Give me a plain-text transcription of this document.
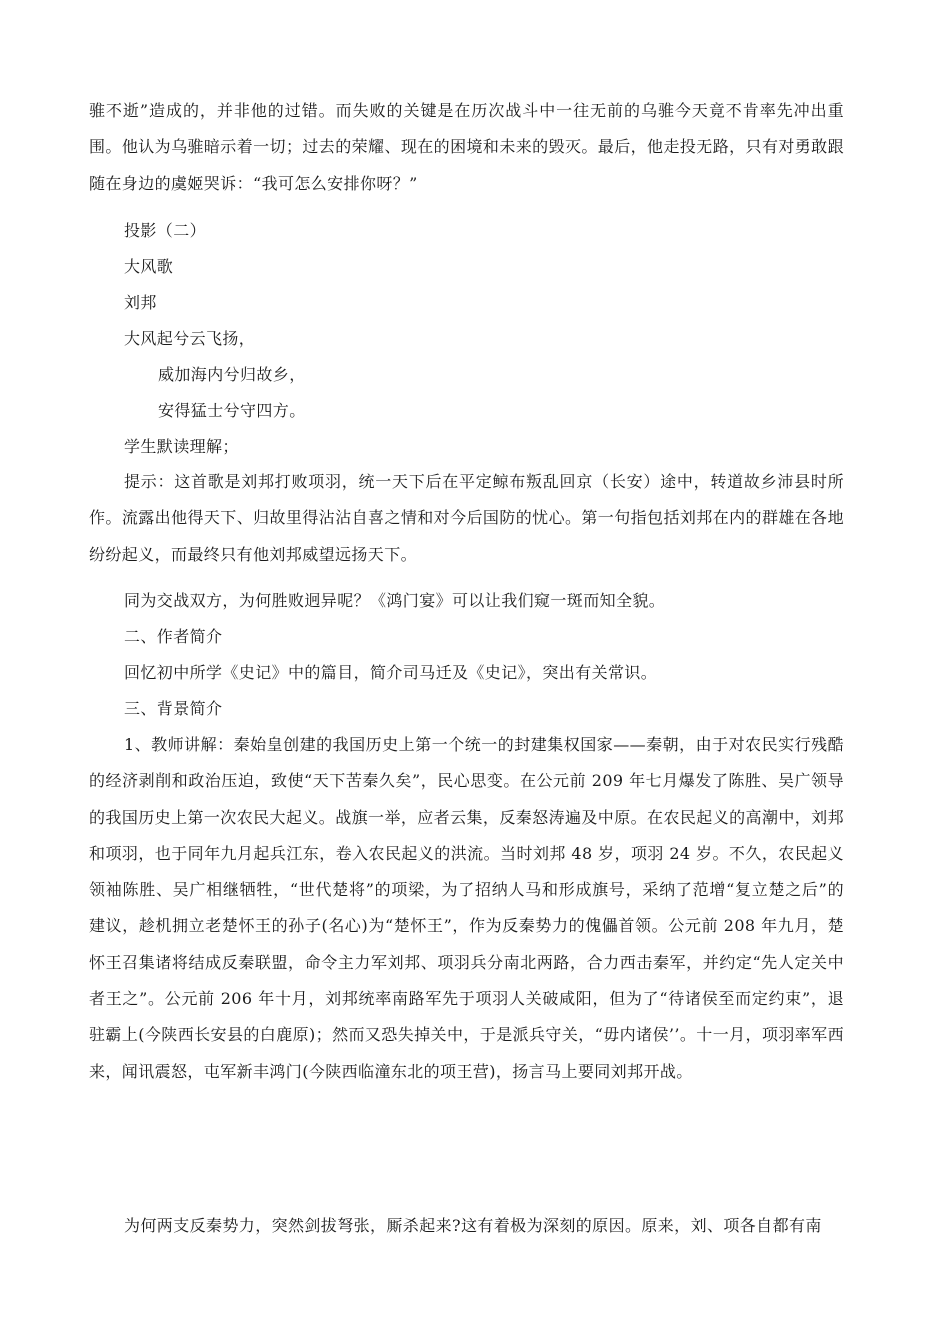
骓不逝”造成的，并非他的过错。而失败的关键是在历次战斗中一往无前的乌骓今天竟不肯率先冲出重围。他认为乌骓暗示着一切；过去的荣耀、现在的困境和未来的毁灭。最后，他走投无路，只有对勇敢跟随在身边的虞姬哭诉：“我可怎么安排你呀？”

投影（二）

大风歌

刘邦

大风起兮云飞扬，

威加海内兮归故乡，

安得猛士兮守四方。

学生默读理解；

提示：这首歌是刘邦打败项羽，统一天下后在平定鲸布叛乱回京（长安）途中，转道故乡沛县时所作。流露出他得天下、归故里得沾沾自喜之情和对今后国防的忧心。第一句指包括刘邦在内的群雄在各地纷纷起义，而最终只有他刘邦威望远扬天下。

同为交战双方，为何胜败迥异呢？《鸿门宴》可以让我们窥一斑而知全貌。

二、作者简介

回忆初中所学《史记》中的篇目，简介司马迁及《史记》，突出有关常识。

三、背景简介

1、教师讲解：秦始皇创建的我国历史上第一个统一的封建集权国家——秦朝，由于对农民实行残酷的经济剥削和政治压迫，致使“天下苦秦久矣”，民心思变。在公元前 209 年七月爆发了陈胜、吴广领导的我国历史上第一次农民大起义。战旗一举，应者云集，反秦怒涛遍及中原。在农民起义的高潮中，刘邦和项羽，也于同年九月起兵江东，卷入农民起义的洪流。当时刘邦 48 岁，项羽 24 岁。不久，农民起义领袖陈胜、吴广相继牺牲，“世代楚将”的项梁，为了招纳人马和形成旗号，采纳了范增“复立楚之后”的建议，趁机拥立老楚怀王的孙子(名心)为“楚怀王”，作为反秦势力的傀儡首领。公元前 208 年九月，楚怀王召集诸将结成反秦联盟，命令主力军刘邦、项羽兵分南北两路，合力西击秦军，并约定“先人定关中者王之”。公元前 206 年十月，刘邦统率南路军先于项羽人关破咸阳，但为了“待诸侯至而定约束”，退驻霸上(今陕西长安县的白鹿原)；然而又恐失掉关中，于是派兵守关，“毋内诸侯’’。十一月，项羽率军西来，闻讯震怒，屯军新丰鸿门(今陕西临潼东北的项王营)，扬言马上要同刘邦开战。

为何两支反秦势力，突然剑拔弩张，厮杀起来?这有着极为深刻的原因。原来，刘、项各自都有南
